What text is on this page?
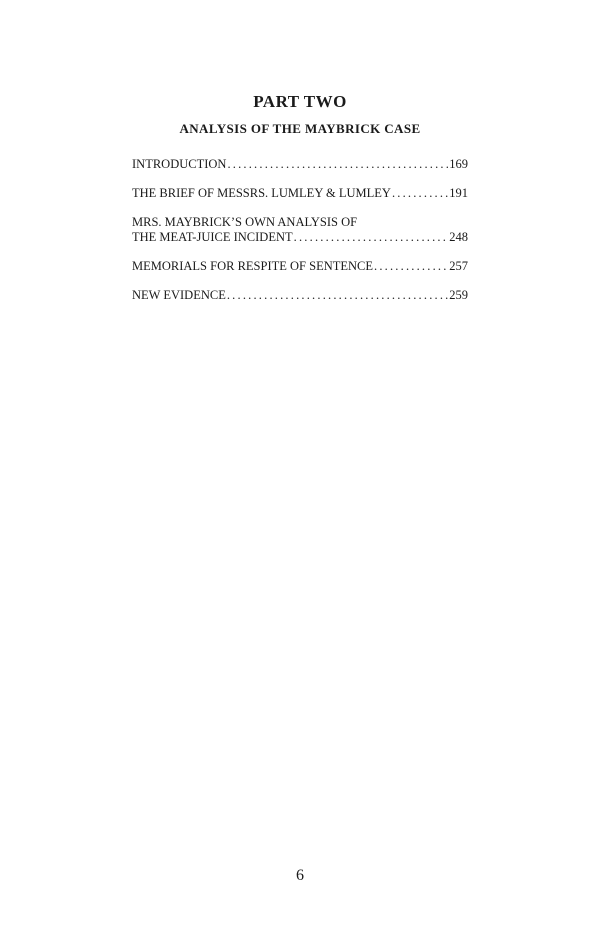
PART TWO
ANALYSIS OF THE MAYBRICK CASE
INTRODUCTION .....	169
THE BRIEF OF MESSRS. LUMLEY & LUMLEY .....	191
MRS. MAYBRICK’S OWN ANALYSIS OF
THE MEAT-JUICE INCIDENT .....	248
MEMORIALS FOR RESPITE OF SENTENCE .....	257
NEW EVIDENCE .....	259
6
